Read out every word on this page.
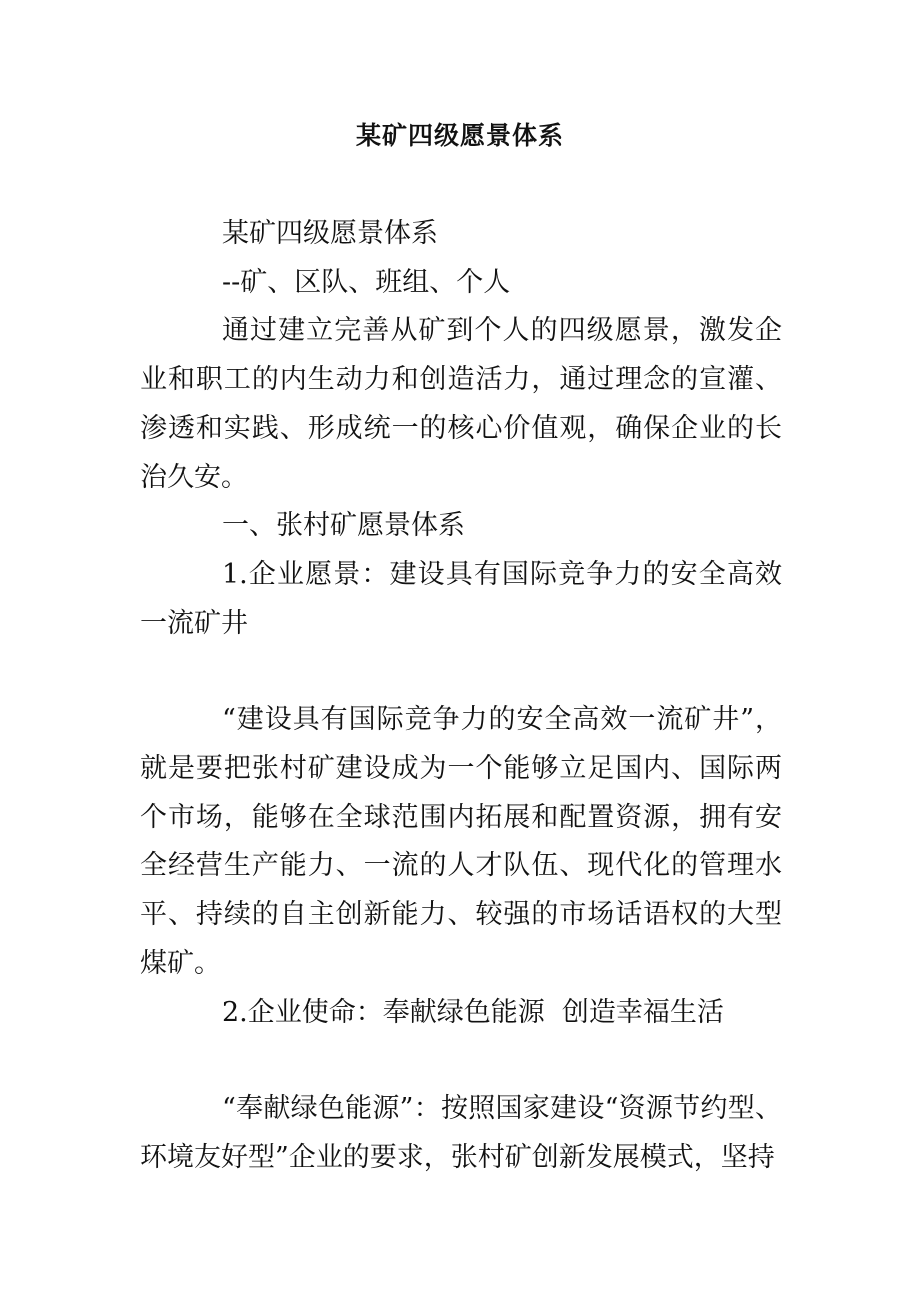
某矿四级愿景体系

某矿四级愿景体系

--矿、区队、班组、个人

通过建立完善从矿到个人的四级愿景，激发企业和职工的内生动力和创造活力，通过理念的宣灌、渗透和实践、形成统一的核心价值观，确保企业的长治久安。

一、张村矿愿景体系

1.企业愿景：建设具有国际竞争力的安全高效一流矿井

“建设具有国际竞争力的安全高效一流矿井”，就是要把张村矿建设成为一个能够立足国内、国际两个市场，能够在全球范围内拓展和配置资源，拥有安全经营生产能力、一流的人才队伍、现代化的管理水平、持续的自主创新能力、较强的市场话语权的大型煤矿。

2.企业使命：奉献绿色能源  创造幸福生活

“奉献绿色能源”：按照国家建设“资源节约型、环境友好型”企业的要求，张村矿创新发展模式，坚持
